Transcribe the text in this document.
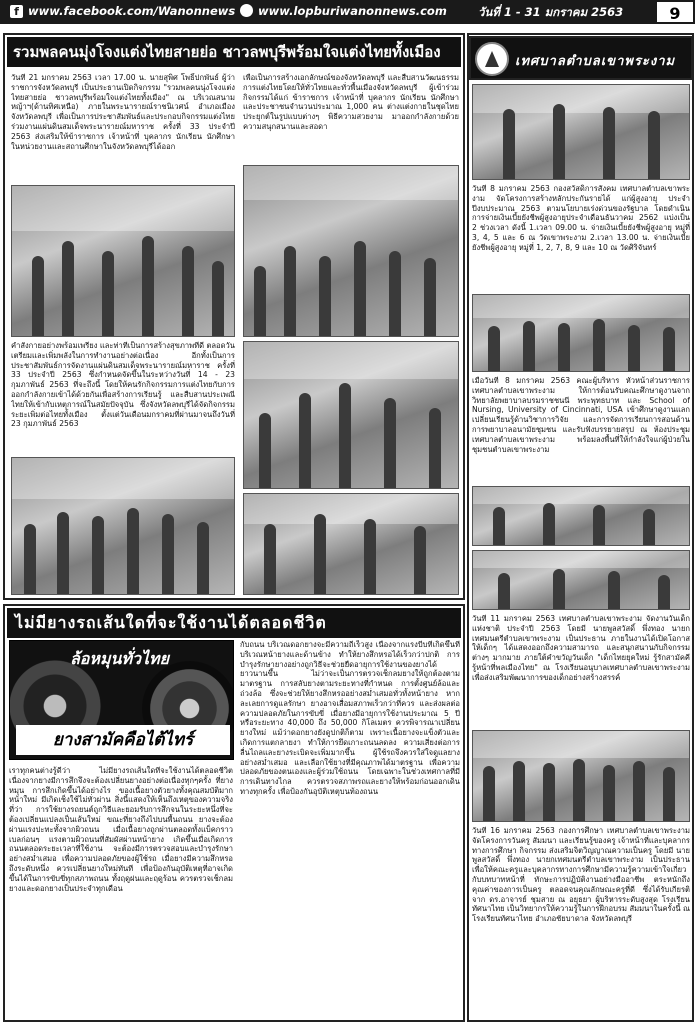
f www.facebook.com/Wanonnews	www.lopburiwanonnews.com	วันที่ 1 - 31 มกราคม 2563	9
รวมพลคนมุ่งโจงแต่งไทยสายย่อ ชาวลพบุรีพร้อมใจแต่งไทยทั้งเมือง
วันที่ 21 มกราคม 2563 เวลา 17.00 น. นายสุพิศ โพธิ์ปกพันธ์ ผู้ว่าราชการจังหวัดลพบุรี เป็นประธานเปิดกิจกรรม "รวมพลคนนุ่งโจงแต่งไทยสายย่อ ชาวลพบุรีพร้อมใจแต่งไทยทั้งเมือง" ณ บริเวณสนามหญ้าฯ(ด้านทิศเหนือ) ภายในพระนารายณ์ราชนิเวศน์ อำเภอเมือง จังหวัดลพบุรี เพื่อเป็นการประชาสัมพันธ์และประกอบกิจกรรมแต่งไทย ร่วมงานแผ่นดินสมเด็จพระนารายณ์มหาราช ครั้งที่ 33 ประจำปี 2563 ส่งเสริมให้ข้าราชการ เจ้าหน้าที่ บุคลากร นักเรียน นักศึกษา ในหน่วยงานและสถานศึกษาในจังหวัดลพบุรีได้ออก
เพื่อเป็นการสร้างเอกลักษณ์ของจังหวัดลพบุรี และสืบสานวัฒนธรรมการแต่งไทยโดยให้ทั่วไทยและทั่วพื้นเมืองจังหวัดลพบุรี ผู้เข้าร่วมกิจกรรมได้แก่ ข้าราชการ เจ้าหน้าที่ บุคลากร นักเรียน นักศึกษา และประชาชนจำนวนประมาณ 1,000 คน ต่างแต่งกายในชุดไทยประยุกต์ในรูปแบบต่างๆ พิธีความสวยงาม มาออกกำลังกายด้วยความสนุกสนานและสอดา
คำสั่งกายอย่างพร้อมเพรียง และท่าที่เป็นการสร้างสุขภาพที่ดี ตลอดวันเตรียมและเพิ่มพลังในการทำงานอย่างต่อเนื่อง อีกทั้งเป็นการประชาสัมพันธ์การจัดงานแผ่นดินสมเด็จพระนารายณ์มหาราช ครั้งที่ 33 ประจำปี 2563 ซึ่งกำหนดจัดขึ้นในระหว่างวันที่ 14 - 23 กุมภาพันธ์ 2563 ที่จะถึงนี้ โดยให้คนรักกิจกรรมการแต่งไทยกับการออกกำลังกายเข้าได้ด้วยกันเพื่อสร้างการเรียนรู้ และสืบสานประเพณีไทยให้เข้ากับเหตุการณ์ในสมัยปัจจุบัน ซึ่งจังหวัดลพบุรีได้จัดกิจกรรมระยะเพิ่มต่อไทยทั้งเมือง ตั้งแต่วันเดือนมกราคมที่ผ่านมาจนถึงวันที่ 23 กุมภาพันธ์ 2563
ไม่มียางรถเส้นใดที่จะใช้งานได้ตลอดชีวิต
ล้อหมุนทั่วไทย
ยางสามัคคือไต้ไทร์
เราทุกคนต่างรู้ดีว่า ไม่มียางรถเส้นใดที่จะใช้งานได้ตลอดชีวิตเนื่องจากยางมีการสึกจึงจะต้องเปลี่ยนยางอย่างต่อเนื่องทุกๆครั้ง ที่ยางหมุน การสึกเกิดขึ้นได้อย่างไร ของเนื้อยางตัวยางทั้งคุณสมบัติมากหน้าใหม่ มีเกิดเช็งใช้ไม่ทั่วผ่าน สิ่งนี้แสดงให้เห็นถึงเหตุของความจริงที่ว่า การใช้ยางรถยนต์ถูกวิธีและยอมรับการสึกจนในระยะหนึ่งที่จะต้องเปลี่ยนแปลงเป็นเส้นใหม่ ขณะที่ยางถึงไปบนพื้นถนน ยางจะต้องผ่านแรงปะทะทั้งจากผิวถนน เมื่อเนื้อยางถูกผ่านตลอดทั้งแบ็คกราวเบลก่อนๆ แรงตามผิวถนนที่สัมผัสผ่านหน้ายาง เกิดขึ้นเมื่อเกิดการถนนตลอดระยะเวลาที่ใช้งาน จะต้องมีการตรวจสอบและบำรุงรักษาอย่างสม่ำเสมอ เพื่อความปลอดภัยของผู้ใช้รถ เมื่อยางมีความสึกหรอถึงระดับหนึ่ง ควรเปลี่ยนยางใหม่ทันที เพื่อป้องกันอุบัติเหตุที่อาจเกิดขึ้นได้ในการขับขี่ทุกสภาพถนน ทั้งฤดูฝนและฤดูร้อน ควรตรวจเช็กลมยางและดอกยางเป็นประจำทุกเดือน
กับถนน บริเวณดอกยางจะมีความถี่เร็วสูง เนื่องจากแรงบีบที่เกิดขึ้นที่บริเวณหน้ายางและด้านข้าง ทำให้ยางสึกหรอได้เร็วกว่าปกติ การบำรุงรักษายางอย่างถูกวิธีจะช่วยยืดอายุการใช้งานของยางได้ยาวนานขึ้น ไม่ว่าจะเป็นการตรวจเช็กลมยางให้ถูกต้องตามมาตรฐาน การสลับยางตามระยะทางที่กำหนด การตั้งศูนย์ล้อและถ่วงล้อ ซึ่งจะช่วยให้ยางสึกหรออย่างสม่ำเสมอทั่วทั้งหน้ายาง หากละเลยการดูแลรักษา ยางอาจเสื่อมสภาพเร็วกว่าที่ควร และส่งผลต่อความปลอดภัยในการขับขี่ เมื่อยางมีอายุการใช้งานประมาณ 5 ปีหรือระยะทาง 40,000 ถึง 50,000 กิโลเมตร ควรพิจารณาเปลี่ยนยางใหม่ แม้ว่าดอกยางยังดูปกติก็ตาม เพราะเนื้อยางจะแข็งตัวและเกิดการแตกลายงา ทำให้การยึดเกาะถนนลดลง ความเสี่ยงต่อการลื่นไถลและยางระเบิดจะเพิ่มมากขึ้น ผู้ใช้รถจึงควรใส่ใจดูแลยางอย่างสม่ำเสมอ และเลือกใช้ยางที่มีคุณภาพได้มาตรฐาน เพื่อความปลอดภัยของตนเองและผู้ร่วมใช้ถนน โดยเฉพาะในช่วงเทศกาลที่มีการเดินทางไกล ควรตรวจสภาพรถและยางให้พร้อมก่อนออกเดินทางทุกครั้ง เพื่อป้องกันอุบัติเหตุบนท้องถนน
เทศบาลตำบลเขาพระงาม
วันที่ 8 มกราคม 2563 กองสวัสดิการสังคม เทศบาลตำบลเขาพระงาม จัดโครงการสร้างหลักประกันรายได้ แก่ผู้สูงอายุ ประจำปีงบประมาณ 2563 ตามนโยบายเร่งด่วนของรัฐบาล โดยดำเนินการจ่ายเงินเบี้ยยังชีพผู้สูงอายุประจำเดือนธันวาคม 2562 แบ่งเป็น 2 ช่วงเวลา ดังนี้ 1.เวลา 09.00 น. จ่ายเงินเบี้ยยังชีพผู้สูงอายุ หมู่ที่ 3, 4, 5 และ 6 ณ วัดเขาพระงาม 2.เวลา 13.00 น. จ่ายเงินเบี้ยยังชีพผู้สูงอายุ หมู่ที่ 1, 2, 7, 8, 9 และ 10 ณ วัดศิริจันทร์
เมื่อวันที่ 8 มกราคม 2563 คณะผู้บริหาร หัวหน้าส่วนราชการ เทศบาลตำบลเขาพระงาม ให้การต้อนรับคณะศึกษาดูงานจากวิทยาลัยพยาบาลบรมราชชนนี พระพุทธบาท และ School of Nursing, University of Cincinnati, USA เข้าศึกษาดูงานแลกเปลี่ยนเรียนรู้ด้านวิชาการวิจัย และการจัดการเรียนการสอนด้านการพยาบาลอนามัยชุมชน และรับฟังบรรยายสรุป ณ ห้องประชุมเทศบาลตำบลเขาพระงาม พร้อมลงพื้นที่ให้กำลังใจแก่ผู้ป่วยในชุมชนตำบลเขาพระงาม
วันที่ 11 มกราคม 2563 เทศบาลตำบลเขาพระงาม จัดงานวันเด็กแห่งชาติ ประจำปี 2563 โดยมี นายพูลสวัสดิ์ พึ่งทอง นายกเทศมนตรีตำบลเขาพระงาม เป็นประธาน ภายในงานได้เปิดโอกาสให้เด็กๆ ได้แสดงออกถึงความสามารถ และสนุกสนานกับกิจกรรมต่างๆ มากมาย ภายใต้คำขวัญวันเด็ก "เด็กไทยยุคใหม่ รู้รักสามัคคี รู้หน้าที่พลเมืองไทย" ณ โรงเรียนอนุบาลเทศบาลตำบลเขาพระงาม เพื่อส่งเสริมพัฒนาการของเด็กอย่างสร้างสรรค์
วันที่ 16 มกราคม 2563 กองการศึกษา เทศบาลตำบลเขาพระงาม จัดโครงการวันครู สัมมนา และเรียนรู้ของครู เจ้าหน้าที่และบุคลากรทางการศึกษา กิจกรรม ส่งเสริมจิตวิญญาณความเป็นครู โดยมี นายพูลสวัสดิ์ พึ่งทอง นายกเทศมนตรีตำบลเขาพระงาม เป็นประธาน เพื่อให้คณะครูและบุคลากรทางการศึกษามีความรู้ความเข้าใจเกี่ยวกับบทบาทหน้าที่ ทักษะการปฏิบัติงานอย่างมืออาชีพ ตระหนักถึงคุณค่าของการเป็นครู ตลอดจนคุณลักษณะครูที่ดี ซึ่งได้รับเกียรติจาก ดร.อาจารย์ ชุมสาย ณ อยุธยา ผู้บริหารระดับสูงสุด โรงเรียนทัศนาไทย เป็นวิทยากรให้ความรู้ในการฝึกอบรม สัมมนาในครั้งนี้ ณ โรงเรียนทัศนาไทย อำเภอชัยบาดาล จังหวัดลพบุรี
